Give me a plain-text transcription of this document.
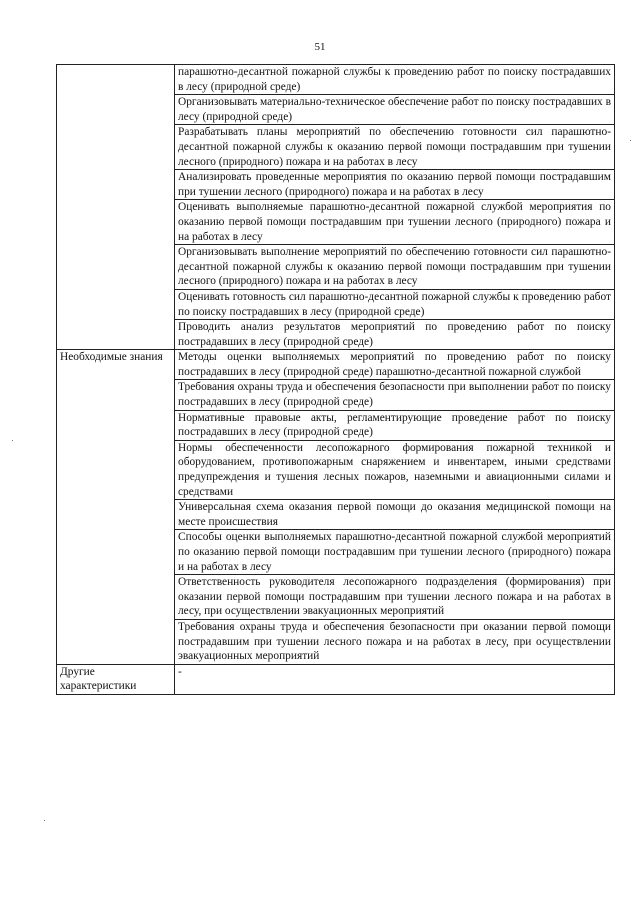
51
	парашютно-десантной пожарной службы к проведению работ по поиску пострадавших в лесу (природной среде)
	Организовывать материально-техническое обеспечение работ по поиску пострадавших в лесу (природной среде)
	Разрабатывать планы мероприятий по обеспечению готовности сил парашютно-десантной пожарной службы к оказанию первой помощи пострадавшим при тушении лесного (природного) пожара и на работах в лесу
	Анализировать проведенные мероприятия по оказанию первой помощи пострадавшим при тушении лесного (природного) пожара и на работах в лесу
	Оценивать выполняемые парашютно-десантной пожарной службой мероприятия по оказанию первой помощи пострадавшим при тушении лесного (природного) пожара и на работах в лесу
	Организовывать выполнение мероприятий по обеспечению готовности сил парашютно-десантной пожарной службы к оказанию первой помощи пострадавшим при тушении лесного (природного) пожара и на работах в лесу
	Оценивать готовность сил парашютно-десантной пожарной службы к проведению работ по поиску пострадавших в лесу (природной среде)
	Проводить анализ результатов мероприятий по проведению работ по поиску пострадавших в лесу (природной среде)
Необходимые знания	Методы оценки выполняемых мероприятий по проведению работ по поиску пострадавших в лесу (природной среде) парашютно-десантной пожарной службой
	Требования охраны труда и обеспечения безопасности при выполнении работ по поиску пострадавших в лесу (природной среде)
	Нормативные правовые акты, регламентирующие проведение работ по поиску пострадавших в лесу (природной среде)
	Нормы обеспеченности лесопожарного формирования пожарной техникой и оборудованием, противопожарным снаряжением и инвентарем, иными средствами предупреждения и тушения лесных пожаров, наземными и авиационными силами и средствами
	Универсальная схема оказания первой помощи до оказания медицинской помощи на месте происшествия
	Способы оценки выполняемых парашютно-десантной пожарной службой мероприятий по оказанию первой помощи пострадавшим при тушении лесного (природного) пожара и на работах в лесу
	Ответственность руководителя лесопожарного подразделения (формирования) при оказании первой помощи пострадавшим при тушении лесного пожара и на работах в лесу, при осуществлении эвакуационных мероприятий
	Требования охраны труда и обеспечения безопасности при оказании первой помощи пострадавшим при тушении лесного пожара и на работах в лесу, при осуществлении эвакуационных мероприятий
Другие характеристики	-
